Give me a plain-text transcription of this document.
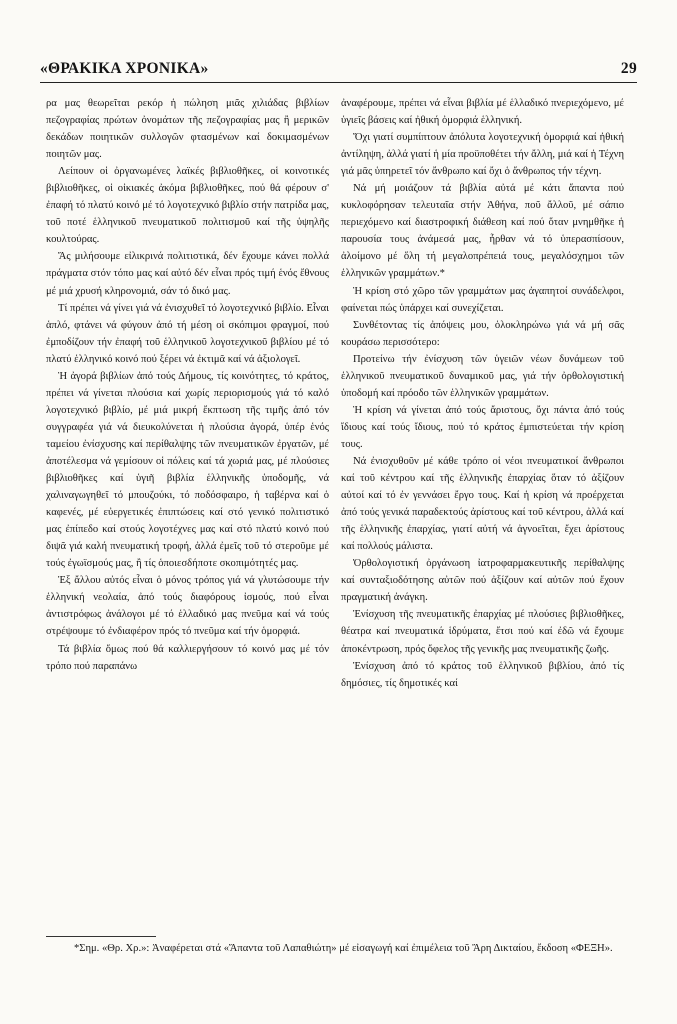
«ΘΡΑΚΙΚΑ ΧΡΟΝΙΚΑ»	29

ρα μας θεωρεῖται ρεκόρ ἡ πώληση μιᾶς χιλιάδας βιβλίων πεζογραφίας πρώτων ὀνομάτων τῆς πεζογραφίας μας ἢ μερικῶν δεκάδων ποιητικῶν συλλογῶν φτασμένων καί δοκιμασμένων ποιητῶν μας.

Λείπουν οἱ ὀργανωμένες λαϊκές βιβλιοθῆκες, οἱ κοινοτικές βιβλιοθῆκες, οἱ οἰκιακές ἀκόμα βιβλιοθῆκες, πού θά φέρουν σ' ἐπαφή τό πλατύ κοινό μέ τό λογοτεχνικό βιβλίο στήν πατρίδα μας, τοῦ ποτέ ἑλληνικοῦ πνευματικοῦ πολιτισμοῦ καί τῆς ὑψηλῆς κουλτούρας.

Ἄς μιλήσουμε εἰλικρινά πολιτιστικά, δέν ἔχουμε κάνει πολλά πράγματα στόν τόπο μας καί αὐτό δέν εἶναι πρός τιμή ἑνός ἔθνους μέ μιά χρυσή κληρονομιά, σάν τό δικό μας.

Τί πρέπει νά γίνει γιά νά ἐνισχυθεῖ τό λογοτεχνικό βιβλίο. Εἶναι ἁπλό, φτάνει νά φύγουν ἀπό τή μέση οἱ σκόπιμοι φραγμοί, πού ἐμποδίζουν τήν ἐπαφή τοῦ ἑλληνικοῦ λογοτεχνικοῦ βιβλίου μέ τό πλατύ ἑλληνικό κοινό πού ξέρει νά ἐκτιμᾶ καί νά ἀξιολογεῖ.

Ἡ ἀγορά βιβλίων ἀπό τούς Δήμους, τίς κοινότητες, τό κράτος, πρέπει νά γίνεται πλούσια καί χωρίς περιορισμούς γιά τό καλό λογοτεχνικό βιβλίο, μέ μιά μικρή ἔκπτωση τῆς τιμῆς ἀπό τόν συγγραφέα γιά νά διευκολύνεται ἡ πλούσια ἀγορά, ὑπέρ ἑνός ταμείου ἐνίσχυσης καί περίθαλψης τῶν πνευματικῶν ἐργατῶν, μέ ἀποτέλεσμα νά γεμίσουν οἱ πόλεις καί τά χωριά μας, μέ πλούσιες βιβλιοθῆκες καί ὑγιῆ βιβλία ἑλληνικῆς ὑποδομῆς, νά χαλιναγωγηθεῖ τό μπουζούκι, τό ποδόσφαιρο, ἡ ταβέρνα καί ὁ καφενές, μέ εὐεργετικές ἐπιπτώσεις καί στό γενικό πολιτιστικό μας ἐπίπεδο καί στούς λογοτέχνες μας καί στό πλατύ κοινό πού διψᾶ γιά καλή πνευματική τροφή, ἀλλά ἐμεῖς τοῦ τό στεροῦμε μέ τούς ἐγωϊσμούς μας, ἢ τίς ὁποιεσδήποτε σκοπιμότητές μας.

Ἐξ ἄλλου αὐτός εἶναι ὁ μόνος τρόπος γιά νά γλυτώσουμε τήν ἑλληνική νεολαία, ἀπό τούς διαφόρους ἰσμούς, πού εἶναι ἀντιστρόφως ἀνάλογοι μέ τό ἑλλαδικό μας πνεῦμα καί νά τούς στρέψουμε τό ἐνδιαφέρον πρός τό πνεῦμα καί τήν ὁμορφιά.

Τά βιβλία ὅμως πού θά καλλιεργήσουν τό κοινό μας μέ τόν τρόπο πού παραπάνω

ἀναφέρουμε, πρέπει νά εἶναι βιβλία μέ ἑλλαδικό πνεριεχόμενο, μέ ὑγιεῖς βάσεις καί ἠθική ὀμορφιά ἑλληνική.

Ὄχι γιατί συμπίπτουν ἀπόλυτα λογοτεχνική ὀμορφιά καί ἠθική ἀντίληψη, ἀλλά γιατί ἡ μία προϋποθέτει τήν ἄλλη, μιά καί ἡ Τέχνη γιά μᾶς ὑπηρετεῖ τόν ἄνθρωπο καί ὄχι ὁ ἄνθρωπος τήν τέχνη.

Νά μή μοιάζουν τά βιβλία αὐτά μέ κάτι ἅπαντα πού κυκλοφόρησαν τελευταῖα στήν Ἀθήνα, ποῦ ἄλλοῦ, μέ σάπιο περιεχόμενο καί διαστροφική διάθεση καί πού ὅταν μνημθῆκε ἡ παρουσία τους ἀνάμεσά μας, ἦρθαν νά τό ὑπερασπίσουν, ἀλοίμονο μέ ὅλη τή μεγαλοπρέπειά τους, μεγαλόσχημοι τῶν ἑλληνικῶν γραμμάτων.*

Ἡ κρίση στό χῶρο τῶν γραμμάτων μας ἀγαπητοί συνάδελφοι, φαίνεται πώς ὑπάρχει καί συνεχίζεται.

Συνθέτοντας τίς ἀπόψεις μου, ὁλοκληρώνω γιά νά μή σᾶς κουράσω περισσότερο:

Προτείνω τήν ἐνίσχυση τῶν ὑγειῶν νέων δυνάμεων τοῦ ἑλληνικοῦ πνευματικοῦ δυναμικοῦ μας, γιά τήν ὀρθολογιστική ὑποδομή καί πρόοδο τῶν ἑλληνικῶν γραμμάτων.

Ἡ κρίση νά γίνεται ἀπό τούς ἄριστους, ὄχι πάντα ἀπό τούς ἴδιους καί τούς ἴδιους, πού τό κράτος ἐμπιστεύεται τήν κρίση τους.

Νά ἐνισχυθοῦν μέ κάθε τρόπο οἱ νέοι πνευματικοί ἄνθρωποι καί τοῦ κέντρου καί τῆς ἑλληνικῆς ἐπαρχίας ὅταν τό ἀξίζουν αὐτοί καί τό ἐν γεννάσει ἔργο τους. Καί ἡ κρίση νά προέρχεται ἀπό τούς γενικά παραδεκτούς ἀρίστους καί τοῦ κέντρου, ἀλλά καί τῆς ἑλληνικῆς ἐπαρχίας, γιατί αὐτή νά ἀγνοεῖται, ἔχει ἀρίστους καί πολλούς μάλιστα.

Ὀρθολογιστική ὀργάνωση ἰατροφαρμακευτικῆς περίθαλψης καί συνταξιοδότησης αὐτῶν πού ἀξίζουν καί αὐτῶν πού ἔχουν πραγματική ἀνάγκη.

Ἐνίσχυση τῆς πνευματικῆς ἐπαρχίας μέ πλούσιες βιβλιοθῆκες, θέατρα καί πνευματικά ἱδρύματα, ἔτσι πού καί ἐδῶ νά ἔχουμε ἀποκέντρωση, πρός ὄφελος τῆς γενικῆς μας πνευματικῆς ζωῆς.

Ἐνίσχυση ἀπό τό κράτος τοῦ ἑλληνικοῦ βιβλίου, ἀπό τίς δημόσιες, τίς δημοτικές καί

*Σημ. «Θρ. Χρ.»: Ἀναφέρεται στά «Ἅπαντα τοῦ Λαπαθιώτη» μέ εἰσαγωγή καί ἐπιμέλεια τοῦ Ἄρη Δικταίου, ἔκδοση «ΦΕΞΗ».
